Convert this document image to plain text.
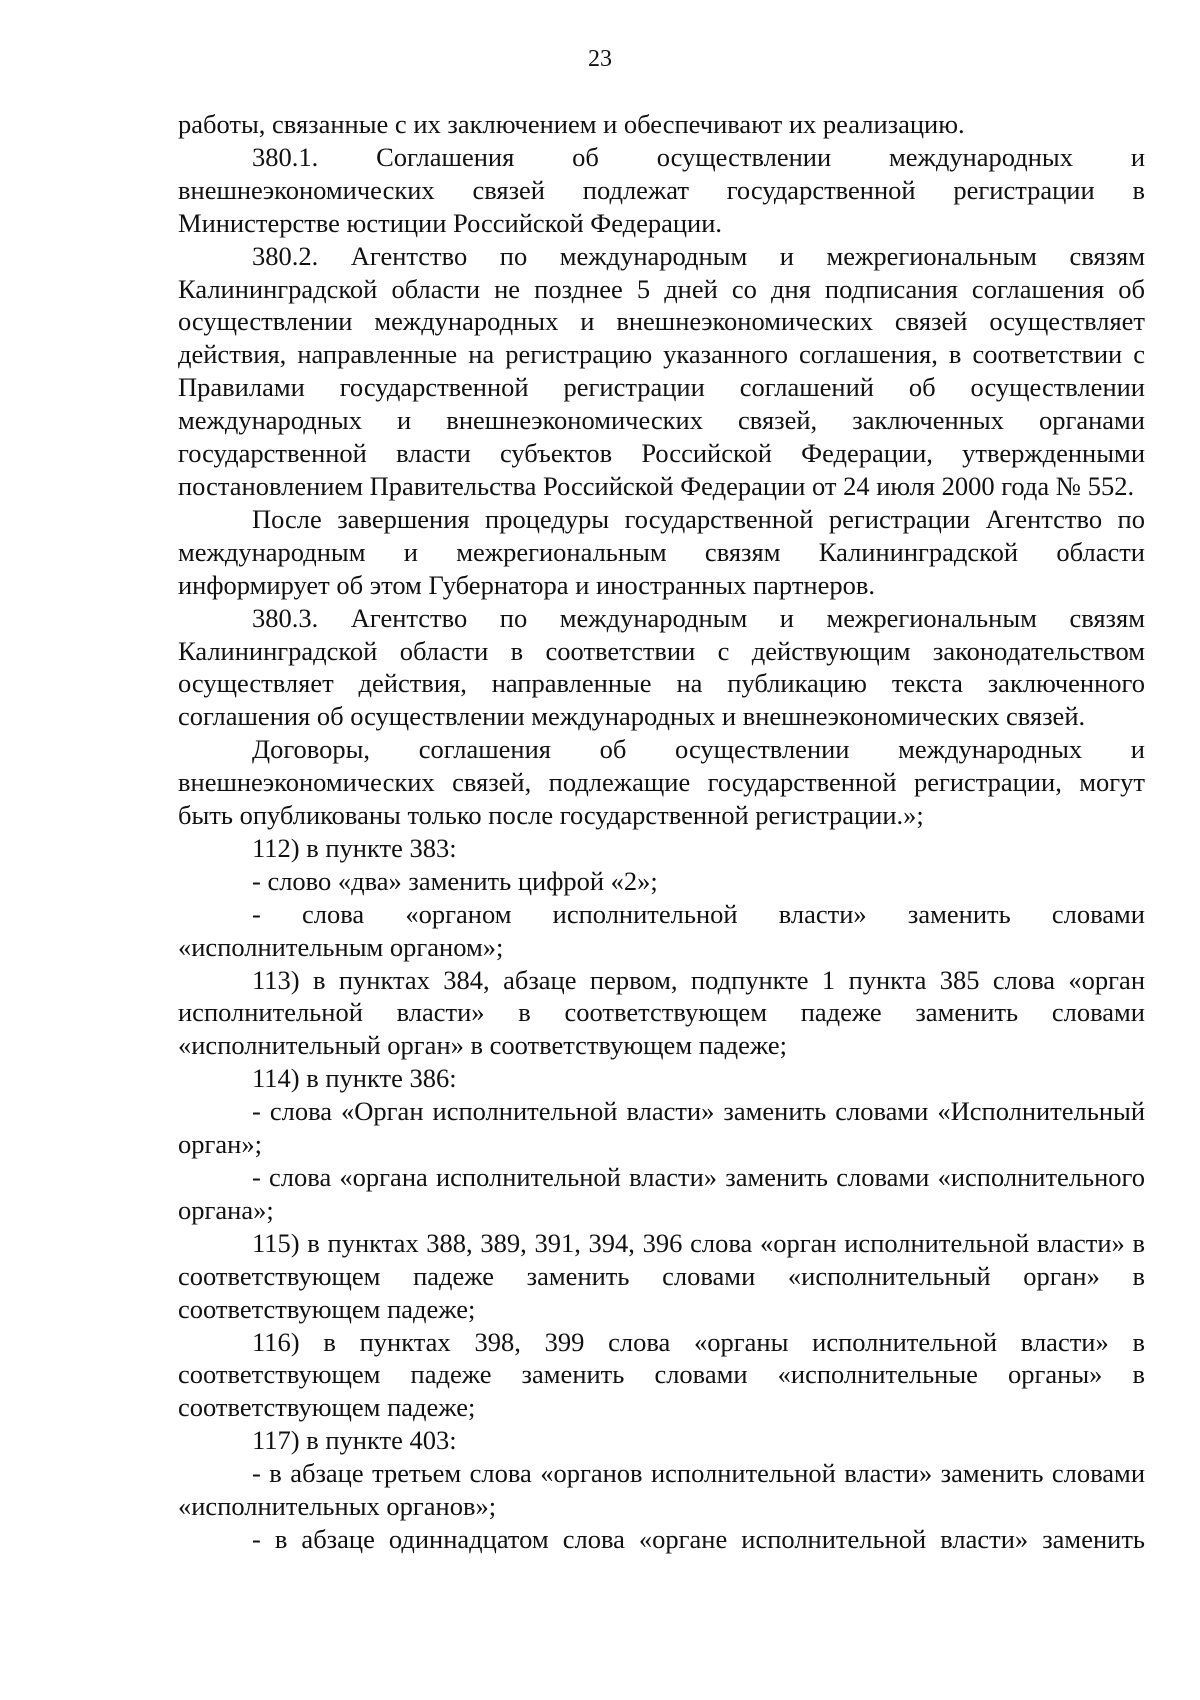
23

работы, связанные с их заключением и обеспечивают их реализацию.

380.1. Соглашения об осуществлении международных и внешнеэкономических связей подлежат государственной регистрации в Министерстве юстиции Российской Федерации.

380.2. Агентство по международным и межрегиональным связям Калининградской области не позднее 5 дней со дня подписания соглашения об осуществлении международных и внешнеэкономических связей осуществляет действия, направленные на регистрацию указанного соглашения, в соответствии с Правилами государственной регистрации соглашений об осуществлении международных и внешнеэкономических связей, заключенных органами государственной власти субъектов Российской Федерации, утвержденными постановлением Правительства Российской Федерации от 24 июля 2000 года № 552.

После завершения процедуры государственной регистрации Агентство по международным и межрегиональным связям Калининградской области информирует об этом Губернатора и иностранных партнеров.

380.3. Агентство по международным и межрегиональным связям Калининградской области в соответствии с действующим законодательством осуществляет действия, направленные на публикацию текста заключенного соглашения об осуществлении международных и внешнеэкономических связей.

Договоры, соглашения об осуществлении международных и внешнеэкономических связей, подлежащие государственной регистрации, могут быть опубликованы только после государственной регистрации.»;

112) в пункте 383:

- слово «два» заменить цифрой «2»;

- слова «органом исполнительной власти» заменить словами «исполнительным органом»;

113) в пунктах 384, абзаце первом, подпункте 1 пункта 385 слова «орган исполнительной власти» в соответствующем падеже заменить словами «исполнительный орган» в соответствующем падеже;

114) в пункте 386:

- слова «Орган исполнительной власти» заменить словами «Исполнительный орган»;

- слова «органа исполнительной власти» заменить словами «исполнительного органа»;

115) в пунктах 388, 389, 391, 394, 396 слова «орган исполнительной власти» в соответствующем падеже заменить словами «исполнительный орган» в соответствующем падеже;

116) в пунктах 398, 399 слова «органы исполнительной власти» в соответствующем падеже заменить словами «исполнительные органы» в соответствующем падеже;

117) в пункте 403:

- в абзаце третьем слова «органов исполнительной власти» заменить словами «исполнительных органов»;

- в абзаце одиннадцатом слова «органе исполнительной власти» заменить
